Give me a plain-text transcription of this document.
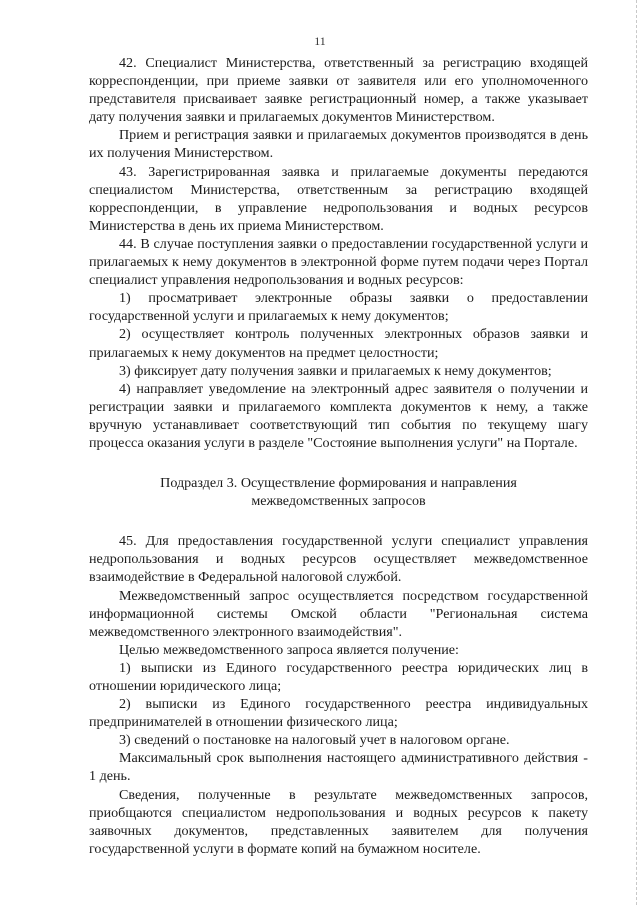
11

42. Специалист Министерства, ответственный за регистрацию входящей корреспонденции, при приеме заявки от заявителя или его уполномоченного представителя присваивает заявке регистрационный номер, а также указывает дату получения заявки и прилагаемых документов Министерством.

Прием и регистрация заявки и прилагаемых документов производятся в день их получения Министерством.

43. Зарегистрированная заявка и прилагаемые документы передаются специалистом Министерства, ответственным за регистрацию входящей корреспонденции, в управление недропользования и водных ресурсов Министерства в день их приема Министерством.

44. В случае поступления заявки о предоставлении государственной услуги и прилагаемых к нему документов в электронной форме путем подачи через Портал специалист управления недропользования и водных ресурсов:

1) просматривает электронные образы заявки о предоставлении государственной услуги и прилагаемых к нему документов;

2) осуществляет контроль полученных электронных образов заявки и прилагаемых к нему документов на предмет целостности;

3) фиксирует дату получения заявки и прилагаемых к нему документов;

4) направляет уведомление на электронный адрес заявителя о получении и регистрации заявки и прилагаемого комплекта документов к нему, а также вручную устанавливает соответствующий тип события по текущему шагу процесса оказания услуги в разделе "Состояние выполнения услуги" на Портале.

Подраздел 3. Осуществление формирования и направления межведомственных запросов

45. Для предоставления государственной услуги специалист управления недропользования и водных ресурсов осуществляет межведомственное взаимодействие в Федеральной налоговой службой.

Межведомственный запрос осуществляется посредством государственной информационной системы Омской области "Региональная система межведомственного электронного взаимодействия".

Целью межведомственного запроса является получение:

1) выписки из Единого государственного реестра юридических лиц в отношении юридического лица;

2) выписки из Единого государственного реестра индивидуальных предпринимателей в отношении физического лица;

3) сведений о постановке на налоговый учет в налоговом органе.

Максимальный срок выполнения настоящего административного действия - 1 день.

Сведения, полученные в результате межведомственных запросов, приобщаются специалистом недропользования и водных ресурсов к пакету заявочных документов, представленных заявителем для получения государственной услуги в формате копий на бумажном носителе.
